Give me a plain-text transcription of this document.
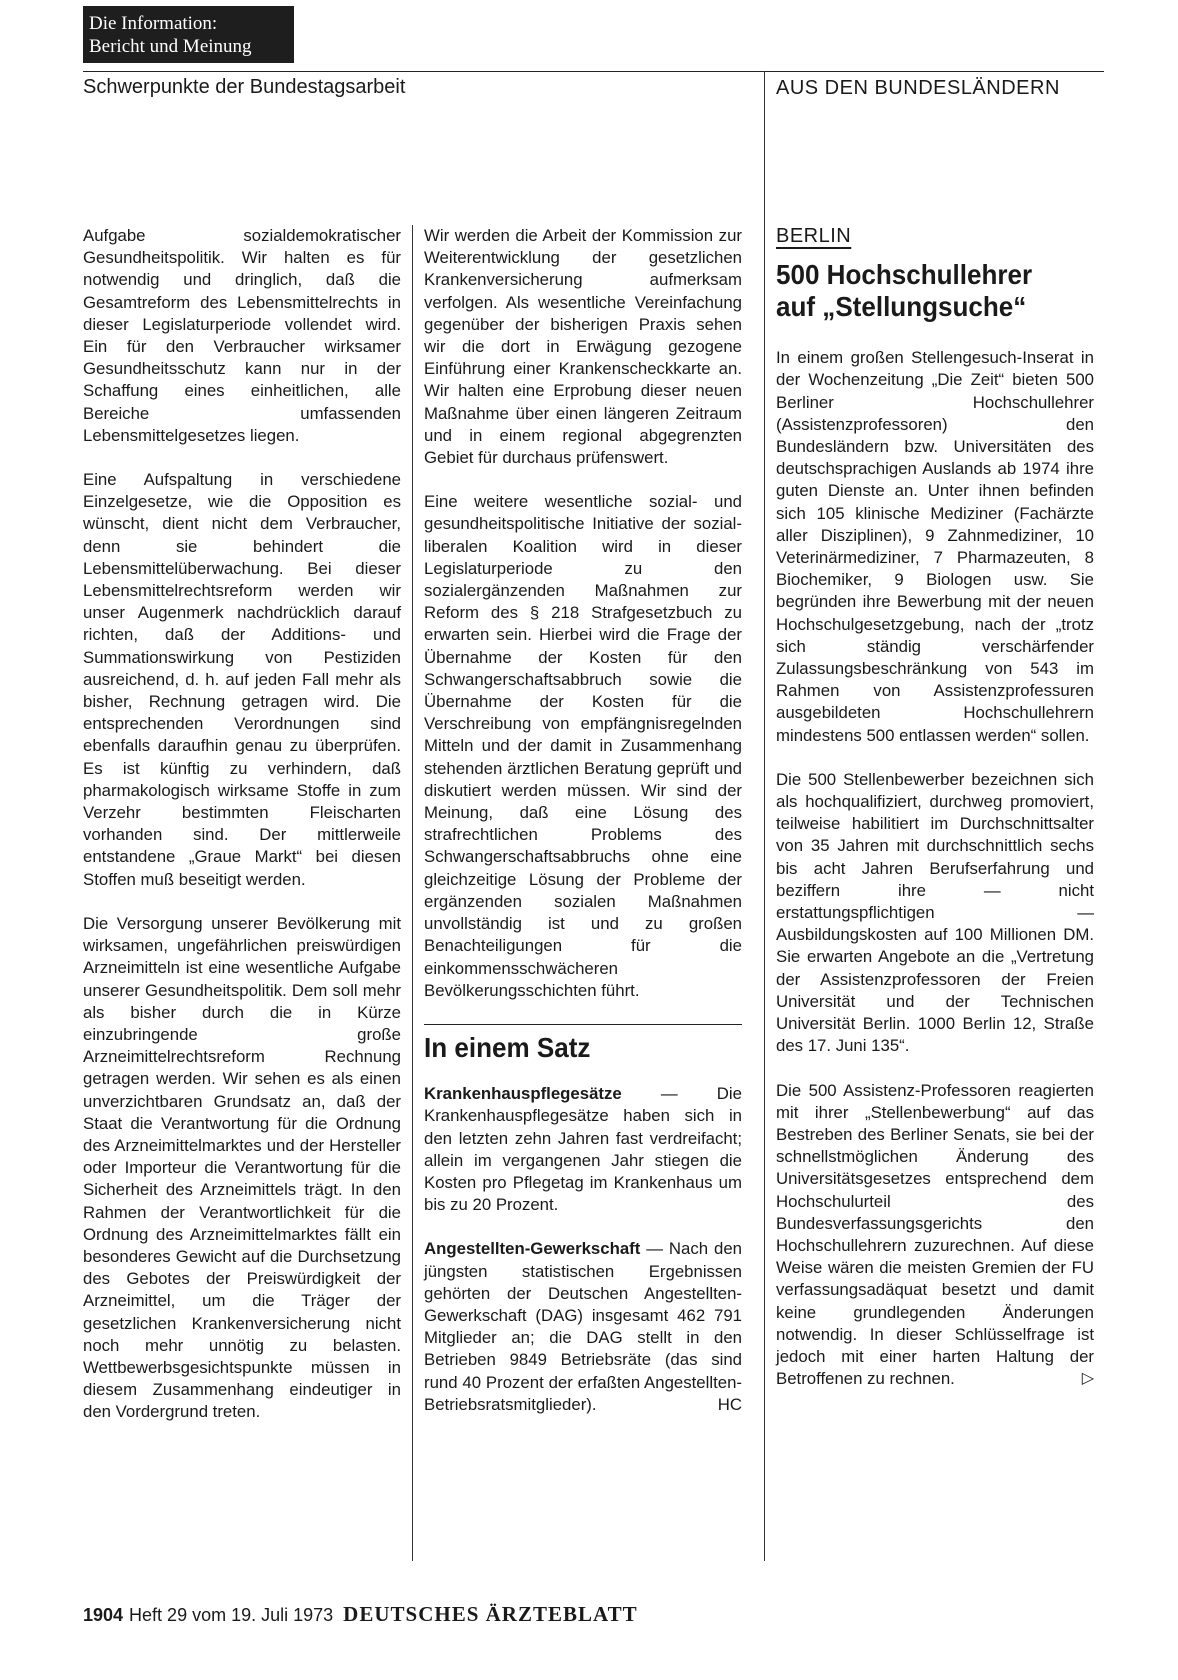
Die Information:
Bericht und Meinung
Schwerpunkte der Bundestagsarbeit	AUS DEN BUNDESLÄNDERN

Aufgabe sozialdemokratischer Gesundheitspolitik. Wir halten es für notwendig und dringlich, daß die Gesamtreform des Lebensmittelrechts in dieser Legislaturperiode vollendet wird. Ein für den Verbraucher wirksamer Gesundheitsschutz kann nur in der Schaffung eines einheitlichen, alle Bereiche umfassenden Lebensmittelgesetzes liegen.

Eine Aufspaltung in verschiedene Einzelgesetze, wie die Opposition es wünscht, dient nicht dem Verbraucher, denn sie behindert die Lebensmittelüberwachung. Bei dieser Lebensmittelrechtsreform werden wir unser Augenmerk nachdrücklich darauf richten, daß der Additions- und Summationswirkung von Pestiziden ausreichend, d. h. auf jeden Fall mehr als bisher, Rechnung getragen wird. Die entsprechenden Verordnungen sind ebenfalls daraufhin genau zu überprüfen. Es ist künftig zu verhindern, daß pharmakologisch wirksame Stoffe in zum Verzehr bestimmten Fleischarten vorhanden sind. Der mittlerweile entstandene „Graue Markt“ bei diesen Stoffen muß beseitigt werden.

Die Versorgung unserer Bevölkerung mit wirksamen, ungefährlichen preiswürdigen Arzneimitteln ist eine wesentliche Aufgabe unserer Gesundheitspolitik. Dem soll mehr als bisher durch die in Kürze einzubringende große Arzneimittelrechtsreform Rechnung getragen werden. Wir sehen es als einen unverzichtbaren Grundsatz an, daß der Staat die Verantwortung für die Ordnung des Arzneimittelmarktes und der Hersteller oder Importeur die Verantwortung für die Sicherheit des Arzneimittels trägt. In den Rahmen der Verantwortlichkeit für die Ordnung des Arzneimittelmarktes fällt ein besonderes Gewicht auf die Durchsetzung des Gebotes der Preiswürdigkeit der Arzneimittel, um die Träger der gesetzlichen Krankenversicherung nicht noch mehr unnötig zu belasten. Wettbewerbsgesichtspunkte müssen in diesem Zusammenhang eindeutiger in den Vordergrund treten.

Wir werden die Arbeit der Kommission zur Weiterentwicklung der gesetzlichen Krankenversicherung aufmerksam verfolgen. Als wesentliche Vereinfachung gegenüber der bisherigen Praxis sehen wir die dort in Erwägung gezogene Einführung einer Krankenscheckkarte an. Wir halten eine Erprobung dieser neuen Maßnahme über einen längeren Zeitraum und in einem regional abgegrenzten Gebiet für durchaus prüfenswert.

Eine weitere wesentliche sozial- und gesundheitspolitische Initiative der sozial-liberalen Koalition wird in dieser Legislaturperiode zu den sozialergänzenden Maßnahmen zur Reform des § 218 Strafgesetzbuch zu erwarten sein. Hierbei wird die Frage der Übernahme der Kosten für den Schwangerschaftsabbruch sowie die Übernahme der Kosten für die Verschreibung von empfängnisregelnden Mitteln und der damit in Zusammenhang stehenden ärztlichen Beratung geprüft und diskutiert werden müssen. Wir sind der Meinung, daß eine Lösung des strafrechtlichen Problems des Schwangerschaftsabbruchs ohne eine gleichzeitige Lösung der Probleme der ergänzenden sozialen Maßnahmen unvollständig ist und zu großen Benachteiligungen für die einkommensschwächeren Bevölkerungsschichten führt.

In einem Satz

Krankenhauspflegesätze — Die Krankenhauspflegesätze haben sich in den letzten zehn Jahren fast verdreifacht; allein im vergangenen Jahr stiegen die Kosten pro Pflegetag im Krankenhaus um bis zu 20 Prozent.

Angestellten-Gewerkschaft — Nach den jüngsten statistischen Ergebnissen gehörten der Deutschen Angestellten-Gewerkschaft (DAG) insgesamt 462 791 Mitglieder an; die DAG stellt in den Betrieben 9849 Betriebsräte (das sind rund 40 Prozent der erfaßten Angestellten-Betriebsratsmitglieder).	HC

BERLIN
500 Hochschullehrer
auf „Stellungsuche“

In einem großen Stellengesuch-Inserat in der Wochenzeitung „Die Zeit“ bieten 500 Berliner Hochschullehrer (Assistenzprofessoren) den Bundesländern bzw. Universitäten des deutschsprachigen Auslands ab 1974 ihre guten Dienste an. Unter ihnen befinden sich 105 klinische Mediziner (Fachärzte aller Disziplinen), 9 Zahnmediziner, 10 Veterinärmediziner, 7 Pharmazeuten, 8 Biochemiker, 9 Biologen usw. Sie begründen ihre Bewerbung mit der neuen Hochschulgesetzgebung, nach der „trotz sich ständig verschärfender Zulassungsbeschränkung von 543 im Rahmen von Assistenzprofessuren ausgebildeten Hochschullehrern mindestens 500 entlassen werden“ sollen.

Die 500 Stellenbewerber bezeichnen sich als hochqualifiziert, durchweg promoviert, teilweise habilitiert im Durchschnittsalter von 35 Jahren mit durchschnittlich sechs bis acht Jahren Berufserfahrung und beziffern ihre — nicht erstattungspflichtigen — Ausbildungskosten auf 100 Millionen DM. Sie erwarten Angebote an die „Vertretung der Assistenzprofessoren der Freien Universität und der Technischen Universität Berlin. 1000 Berlin 12, Straße des 17. Juni 135“.

Die 500 Assistenz-Professoren reagierten mit ihrer „Stellenbewerbung“ auf das Bestreben des Berliner Senats, sie bei der schnellstmöglichen Änderung des Universitätsgesetzes entsprechend dem Hochschulurteil des Bundesverfassungsgerichts den Hochschullehrern zuzurechnen. Auf diese Weise wären die meisten Gremien der FU verfassungsadäquat besetzt und damit keine grundlegenden Änderungen notwendig. In dieser Schlüsselfrage ist jedoch mit einer harten Haltung der Betroffenen zu rechnen.	▷

1904 Heft 29 vom 19. Juli 1973 DEUTSCHES ÄRZTEBLATT
